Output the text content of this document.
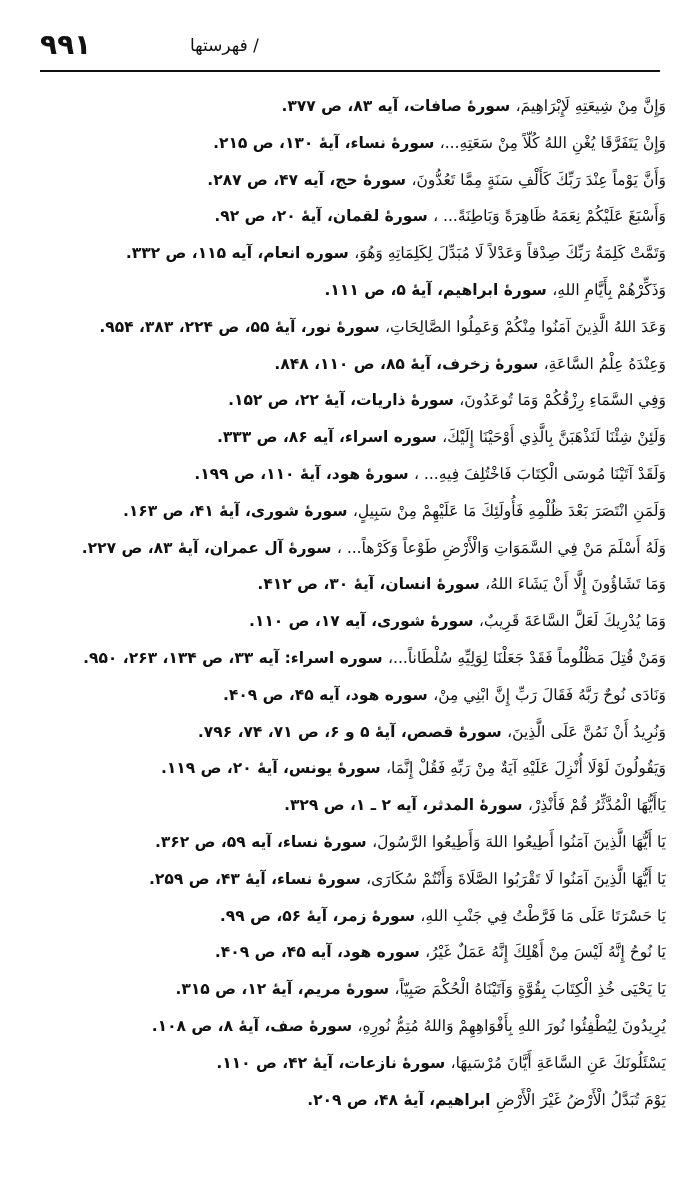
۹۹۱	/ فهرستها
وَإِنَّ مِنْ شِيعَتِهِ لَإِبْرَاهِيمَ، سورهٔ صافات، آیه ۸۳، ص ۳۷۷.
وَإِنْ يَتَفَرَّقَا يُغْنِ اللهُ كُلّاً مِنْ سَعَتِهِ...، سورهٔ نساء، آیهٔ ۱۳۰، ص ۲۱۵.
وَأَنَّ يَوْماً عِنْدَ رَبِّكَ كَأَلْفِ سَنَةٍ مِمَّا تَعُدُّونَ، سورهٔ حج، آیه ۴۷، ص ۲۸۷.
وَأَسْبَغَ عَلَيْكُمْ نِعَمَهُ ظَاهِرَةً وَبَاطِنَةً... ، سورهٔ لقمان، آیهٔ ۲۰، ص ۹۲.
وَتَمَّتْ كَلِمَةُ رَبِّكَ صِدْقاً وَعَدْلاً لَا مُبَدِّلَ لِكَلِمَاتِهِ وَهُوَ، سوره انعام، آیه ۱۱۵، ص ۳۳۲.
وَذَكِّرْهُمْ بِأَيَّامِ اللهِ، سورهٔ ابراهیم، آیهٔ ۵، ص ۱۱۱.
وَعَدَ اللهُ الَّذِينَ آمَنُوا مِنْكُمْ وَعَمِلُوا الصَّالِحَاتِ، سورهٔ نور، آیهٔ ۵۵، ص ۲۲۴، ۳۸۳، ۹۵۴.
وَعِنْدَهُ عِلْمُ السَّاعَةِ، سورهٔ زخرف، آیهٔ ۸۵، ص ۱۱۰، ۸۴۸.
وَفِي السَّمَاءِ رِزْقُكُمْ وَمَا تُوعَدُونَ، سورهٔ ذاریات، آیهٔ ۲۲، ص ۱۵۲.
وَلَئِنْ شِئْنَا لَنَذْهَبَنَّ بِالَّذِي أَوْحَيْنَا إِلَيْكَ، سوره اسراء، آیه ۸۶، ص ۳۳۳.
وَلَقَدْ آتَيْنَا مُوسَى الْكِتَابَ فَاخْتُلِفَ فِيهِ... ، سورهٔ هود، آیهٔ ۱۱۰، ص ۱۹۹.
وَلَمَنِ انْتَصَرَ بَعْدَ ظُلْمِهِ فَأُولَئِكَ مَا عَلَيْهِمْ مِنْ سَبِيلٍ، سورهٔ شوری، آیهٔ ۴۱، ص ۱۶۳.
وَلَهُ أَسْلَمَ مَنْ فِي السَّمَوَاتِ وَالْأَرْضِ طَوْعاً وَكَرْهاً... ، سورهٔ آل عمران، آیهٔ ۸۳، ص ۲۲۷.
وَمَا تَشَاؤُونَ إِلَّا أَنْ يَشَاءَ اللهُ، سورهٔ انسان، آیهٔ ۳۰، ص ۴۱۲.
وَمَا يُدْرِيكَ لَعَلَّ السَّاعَةَ قَرِيبٌ، سورهٔ شوری، آیه ۱۷، ص ۱۱۰.
وَمَنْ قُتِلَ مَظْلُوماً فَقَدْ جَعَلْنَا لِوَلِيِّهِ سُلْطَاناً...، سوره اسراء: آیه ۳۳، ص ۱۳۴، ۲۶۳، ۹۵۰.
وَنَادَى نُوحٌ رَبَّهُ فَقَالَ رَبِّ إِنَّ ابْنِي مِنْ، سوره هود، آیه ۴۵، ص ۴۰۹.
وَنُرِيدُ أَنْ نَمُنَّ عَلَى الَّذِينَ، سورهٔ قصص، آیهٔ ۵ و ۶، ص ۷۱، ۷۴، ۷۹۶.
وَيَقُولُونَ لَوْلَا أُنْزِلَ عَلَيْهِ آيَةٌ مِنْ رَبِّهِ فَقُلْ إِنَّمَا، سورهٔ یونس، آیهٔ ۲۰، ص ۱۱۹.
يَاأَيُّهَا الْمُدَّثِّرُ قُمْ فَأَنْذِرْ، سورهٔ المدثر، آیه ۲ ـ ۱، ص ۳۲۹.
يَا أَيُّهَا الَّذِينَ آمَنُوا أَطِيعُوا اللهَ وَأَطِيعُوا الرَّسُولَ، سورهٔ نساء، آیه ۵۹، ص ۳۶۲.
يَا أَيُّهَا الَّذِينَ آمَنُوا لَا تَقْرَبُوا الصَّلَاةَ وَأَنْتُمْ سُكَارَى، سورهٔ نساء، آیهٔ ۴۳، ص ۲۵۹.
يَا حَسْرَتَا عَلَى مَا فَرَّطْتُ فِي جَنْبِ اللهِ، سورهٔ زمر، آیهٔ ۵۶، ص ۹۹.
يَا نُوحُ إِنَّهُ لَيْسَ مِنْ أَهْلِكَ إِنَّهُ عَمَلٌ غَيْرُ، سوره هود، آیه ۴۵، ص ۴۰۹.
يَا يَحْيَى خُذِ الْكِتَابَ بِقُوَّةٍ وَآتَيْنَاهُ الْحُكْمَ صَبِيّاً، سورهٔ مریم، آیهٔ ۱۲، ص ۳۱۵.
يُرِيدُونَ لِيُطْفِئُوا نُورَ اللهِ بِأَفْوَاهِهِمْ وَاللهُ مُتِمُّ نُورِهِ، سورهٔ صف، آیهٔ ۸، ص ۱۰۸.
يَسْئَلُونَكَ عَنِ السَّاعَةِ أَيَّانَ مُرْسَيهَا، سورهٔ نازعات، آیهٔ ۴۲، ص ۱۱۰.
يَوْمَ تُبَدَّلُ الْأَرْضُ غَيْرَ الْأَرْضِ ابراهیم، آیهٔ ۴۸، ص ۲۰۹.
